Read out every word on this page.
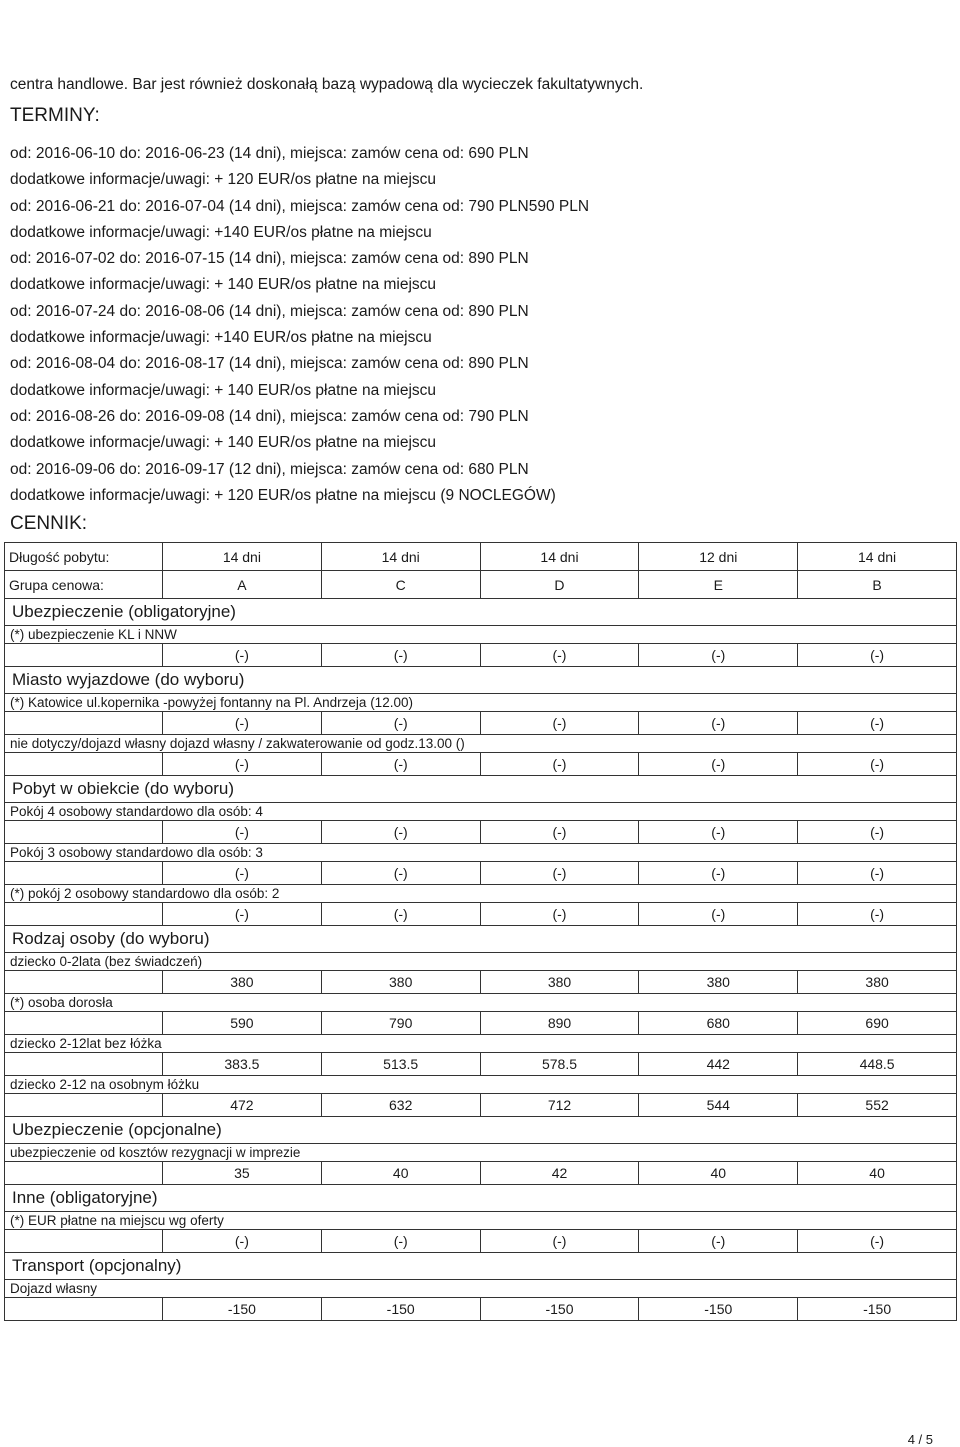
centra handlowe. Bar jest również doskonałą bazą wypadową dla wycieczek fakultatywnych.
TERMINY:
od: 2016-06-10 do: 2016-06-23 (14 dni), miejsca: zamów cena od: 690 PLN
dodatkowe informacje/uwagi: + 120 EUR/os płatne na miejscu
od: 2016-06-21 do: 2016-07-04 (14 dni), miejsca: zamów cena od: 790 PLN590 PLN
dodatkowe informacje/uwagi: +140 EUR/os płatne na miejscu
od: 2016-07-02 do: 2016-07-15 (14 dni), miejsca: zamów cena od: 890 PLN
dodatkowe informacje/uwagi: + 140 EUR/os płatne na miejscu
od: 2016-07-24 do: 2016-08-06 (14 dni), miejsca: zamów cena od: 890 PLN
dodatkowe informacje/uwagi: +140 EUR/os płatne na miejscu
od: 2016-08-04 do: 2016-08-17 (14 dni), miejsca: zamów cena od: 890 PLN
dodatkowe informacje/uwagi: + 140 EUR/os płatne na miejscu
od: 2016-08-26 do: 2016-09-08 (14 dni), miejsca: zamów cena od: 790 PLN
dodatkowe informacje/uwagi: + 140 EUR/os płatne na miejscu
od: 2016-09-06 do: 2016-09-17 (12 dni), miejsca: zamów cena od: 680 PLN
dodatkowe informacje/uwagi: + 120 EUR/os płatne na miejscu (9 NOCLEGÓW)
CENNIK:
Długość pobytu:	14 dni	14 dni	14 dni	12 dni	14 dni
Grupa cenowa:	A	C	D	E	B
Ubezpieczenie (obligatoryjne)					
(*) ubezpieczenie KL i NNW					
	(-)	(-)	(-)	(-)	(-)
Miasto wyjazdowe (do wyboru)					
(*) Katowice ul.kopernika -powyżej fontanny na Pl. Andrzeja (12.00)					
	(-)	(-)	(-)	(-)	(-)
nie dotyczy/dojazd własny dojazd własny / zakwaterowanie od godz.13.00 ()					
	(-)	(-)	(-)	(-)	(-)
Pobyt w obiekcie (do wyboru)					
Pokój 4 osobowy standardowo dla osób: 4					
	(-)	(-)	(-)	(-)	(-)
Pokój 3 osobowy standardowo dla osób: 3					
	(-)	(-)	(-)	(-)	(-)
(*) pokój 2 osobowy standardowo dla osób: 2					
	(-)	(-)	(-)	(-)	(-)
Rodzaj osoby (do wyboru)					
dziecko 0-2lata (bez świadczeń)					
	380	380	380	380	380
(*) osoba dorosła					
	590	790	890	680	690
dziecko 2-12lat bez łóżka					
	383.5	513.5	578.5	442	448.5
dziecko 2-12 na osobnym łóżku					
	472	632	712	544	552
Ubezpieczenie (opcjonalne)					
ubezpieczenie od kosztów rezygnacji w imprezie					
	35	40	42	40	40
Inne (obligatoryjne)					
(*) EUR płatne na miejscu wg oferty					
	(-)	(-)	(-)	(-)	(-)
Transport (opcjonalny)					
Dojazd własny					
	-150	-150	-150	-150	-150
4 / 5
